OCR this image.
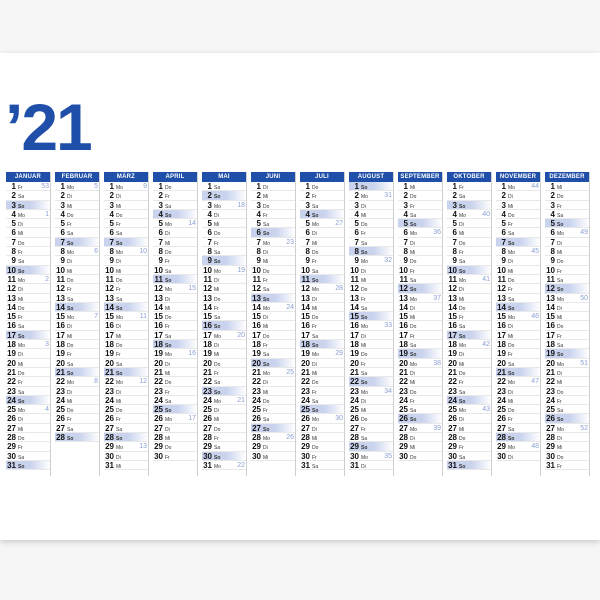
’21
JANUAR
1 Fr	53
2 Sa
3 So
4 Mo	1
5 Di
6 Mi
7 Do
8 Fr
9 Sa
10 So
11 Mo	2
12 Di
13 Mi
14 Do
15 Fr
16 Sa
17 So
18 Mo	3
19 Di
20 Mi
21 Do
22 Fr
23 Sa
24 So
25 Mo	4
26 Di
27 Mi
28 Do
29 Fr
30 Sa
31 So
FEBRUAR
1 Mo	5
2 Di
3 Mi
4 Do
5 Fr
6 Sa
7 So
8 Mo	6
9 Di
10 Mi
11 Do
12 Fr
13 Sa
14 So
15 Mo	7
16 Di
17 Mi
18 Do
19 Fr
20 Sa
21 So
22 Mo	8
23 Di
24 Mi
25 Do
26 Fr
27 Sa
28 So
MÄRZ
1 Mo	9
2 Di
3 Mi
4 Do
5 Fr
6 Sa
7 So
8 Mo 10
9 Di
10 Mi
11 Do
12 Fr
13 Sa
14 So
15 Mo 11
16 Di
17 Mi
18 Do
19 Fr
20 Sa
21 So
22 Mo 12
23 Di
24 Mi
25 Do
26 Fr
27 Sa
28 So
29 Mo 13
30 Di
31 Mi
APRIL
1 Do
2 Fr
3 Sa
4 So
5 Mo 14
6 Di
7 Mi
8 Do
9 Fr
10 Sa
11 So
12 Mo 15
13 Di
14 Mi
15 Do
16 Fr
17 Sa
18 So
19 Mo 16
20 Di
21 Mi
22 Do
23 Fr
24 Sa
25 So
26 Mo 17
27 Di
28 Mi
29 Do
30 Fr
MAI
1 Sa
2 So
3 Mo 18
4 Di
5 Mi
6 Do
7 Fr
8 Sa
9 So
10 Mo 19
11 Di
12 Mi
13 Do
14 Fr
15 Sa
16 So
17 Mo 20
18 Di
19 Mi
20 Do
21 Fr
22 Sa
23 So
24 Mo 21
25 Di
26 Mi
27 Do
28 Fr
29 Sa
30 So
31 Mo 22
JUNI
1 Di
2 Mi
3 Do
4 Fr
5 Sa
6 So
7 Mo 23
8 Di
9 Mi
10 Do
11 Fr
12 Sa
13 So
14 Mo 24
15 Di
16 Mi
17 Do
18 Fr
19 Sa
20 So
21 Mo 25
22 Di
23 Mi
24 Do
25 Fr
26 Sa
27 So
28 Mo 26
29 Di
30 Mi
JULI
1 Do
2 Fr
3 Sa
4 So
5 Mo 27
6 Di
7 Mi
8 Do
9 Fr
10 Sa
11 So
12 Mo 28
13 Di
14 Mi
15 Do
16 Fr
17 Sa
18 So
19 Mo 29
20 Di
21 Mi
22 Do
23 Fr
24 Sa
25 So
26 Mo 30
27 Di
28 Mi
29 Do
30 Fr
31 Sa
AUGUST
1 So
2 Mo 31
3 Di
4 Mi
5 Do
6 Fr
7 Sa
8 So
9 Mo 32
10 Di
11 Mi
12 Do
13 Fr
14 Sa
15 So
16 Mo 33
17 Di
18 Mi
19 Do
20 Fr
21 Sa
22 So
23 Mo 34
24 Di
25 Mi
26 Do
27 Fr
28 Sa
29 So
30 Mo 35
31 Di
SEPTEMBER
1 Mi
2 Do
3 Fr
4 Sa
5 So
6 Mo 36
7 Di
8 Mi
9 Do
10 Fr
11 Sa
12 So
13 Mo 37
14 Di
15 Mi
16 Do
17 Fr
18 Sa
19 So
20 Mo 38
21 Di
22 Mi
23 Do
24 Fr
25 Sa
26 So
27 Mo 39
28 Di
29 Mi
30 Do
OKTOBER
1 Fr
2 Sa
3 So
4 Mo 40
5 Di
6 Mi
7 Do
8 Fr
9 Sa
10 So
11 Mo 41
12 Di
13 Mi
14 Do
15 Fr
16 Sa
17 So
18 Mo 42
19 Di
20 Mi
21 Do
22 Fr
23 Sa
24 So
25 Mo 43
26 Di
27 Mi
28 Do
29 Fr
30 Sa
31 So
NOVEMBER
1 Mo 44
2 Di
3 Mi
4 Do
5 Fr
6 Sa
7 So
8 Mo 45
9 Di
10 Mi
11 Do
12 Fr
13 Sa
14 So
15 Mo 46
16 Di
17 Mi
18 Do
19 Fr
20 Sa
21 So
22 Mo 47
23 Di
24 Mi
25 Do
26 Fr
27 Sa
28 So
29 Mo 48
30 Di
DEZEMBER
1 Mi
2 Do
3 Fr
4 Sa
5 So
6 Mo 49
7 Di
8 Mi
9 Do
10 Fr
11 Sa
12 So
13 Mo 50
14 Di
15 Mi
16 Do
17 Fr
18 Sa
19 So
20 Mo 51
21 Di
22 Mi
23 Do
24 Fr
25 Sa
26 So
27 Mo 52
28 Di
29 Mi
30 Do
31 Fr
